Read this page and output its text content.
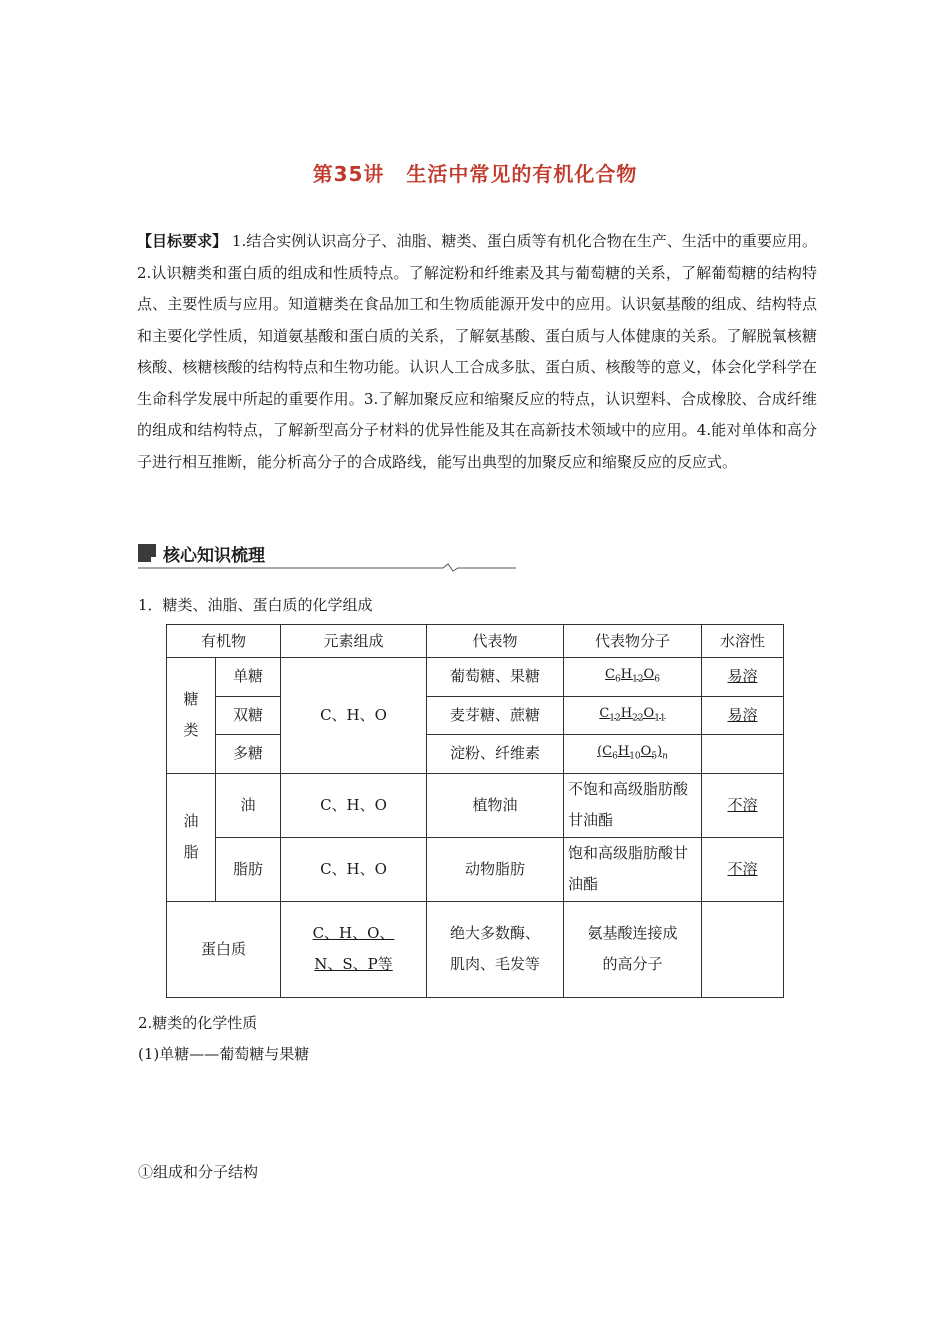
第35讲 生活中常见的有机化合物
【目标要求】 1.结合实例认识高分子、油脂、糖类、蛋白质等有机化合物在生产、生活中的重要应用。2.认识糖类和蛋白质的组成和性质特点。了解淀粉和纤维素及其与葡萄糖的关系，了解葡萄糖的结构特点、主要性质与应用。知道糖类在食品加工和生物质能源开发中的应用。认识氨基酸的组成、结构特点和主要化学性质，知道氨基酸和蛋白质的关系，了解氨基酸、蛋白质与人体健康的关系。了解脱氧核糖核酸、核糖核酸的结构特点和生物功能。认识人工合成多肽、蛋白质、核酸等的意义，体会化学科学在生命科学发展中所起的重要作用。3.了解加聚反应和缩聚反应的特点，认识塑料、合成橡胶、合成纤维的组成和结构特点，了解新型高分子材料的优异性能及其在高新技术领域中的应用。4.能对单体和高分子进行相互推断，能分析高分子的合成路线，能写出典型的加聚反应和缩聚反应的反应式。
核心知识梳理
1．糖类、油脂、蛋白质的化学组成
有机物		元素组成	代表物	代表物分子	水溶性
糖类	单糖	C、H、O	葡萄糖、果糖	$C_6H_{12}O_6$	易溶
	双糖		麦芽糖、蔗糖	$C_{12}H_{22}O_{11}$	易溶
	多糖		淀粉、纤维素	$(C_6H_{10}O_5)_n$	
油脂	油	C、H、O	植物油	不饱和高级脂肪酸甘油酯	不溶
	脂肪	C、H、O	动物脂肪	饱和高级脂肪酸甘油酯	不溶
蛋白质		C、H、O、N、S、P等	绝大多数酶、肌肉、毛发等	氨基酸连接成的高分子	
2.糖类的化学性质
(1)单糖——葡萄糖与果糖
①组成和分子结构
